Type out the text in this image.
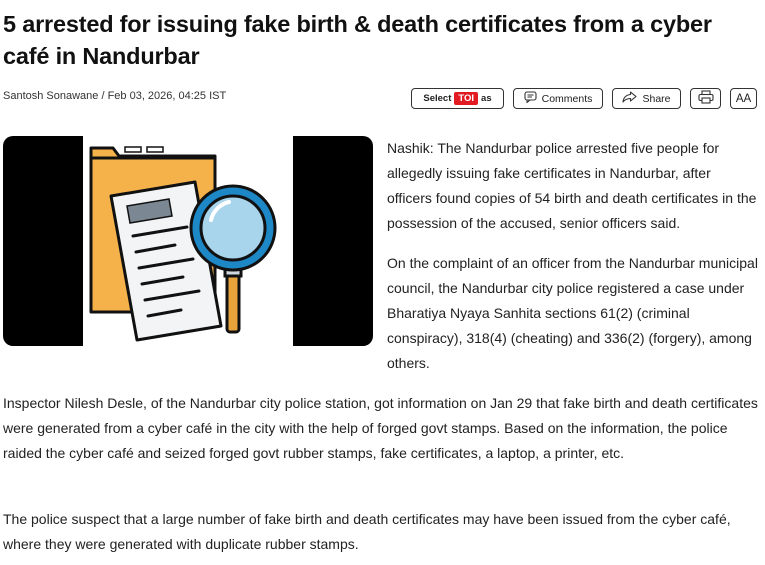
5 arrested for issuing fake birth & death certificates from a cyber café in Nandurbar
Santosh Sonawane / Feb 03, 2026, 04:25 IST	Select TOI as	Comments	Share	AA

Nashik: The Nandurbar police arrested five people for allegedly issuing fake certificates in Nandurbar, after officers found copies of 54 birth and death certificates in the possession of the accused, senior officers said.

On the complaint of an officer from the Nandurbar municipal council, the Nandurbar city police registered a case under Bharatiya Nyaya Sanhita sections 61(2) (criminal conspiracy), 318(4) (cheating) and 336(2) (forgery), among others.

Inspector Nilesh Desle, of the Nandurbar city police station, got information on Jan 29 that fake birth and death certificates were generated from a cyber café in the city with the help of forged govt stamps. Based on the information, the police raided the cyber café and seized forged govt rubber stamps, fake certificates, a laptop, a printer, etc.

The police suspect that a large number of fake birth and death certificates may have been issued from the cyber café, where they were generated with duplicate rubber stamps.
